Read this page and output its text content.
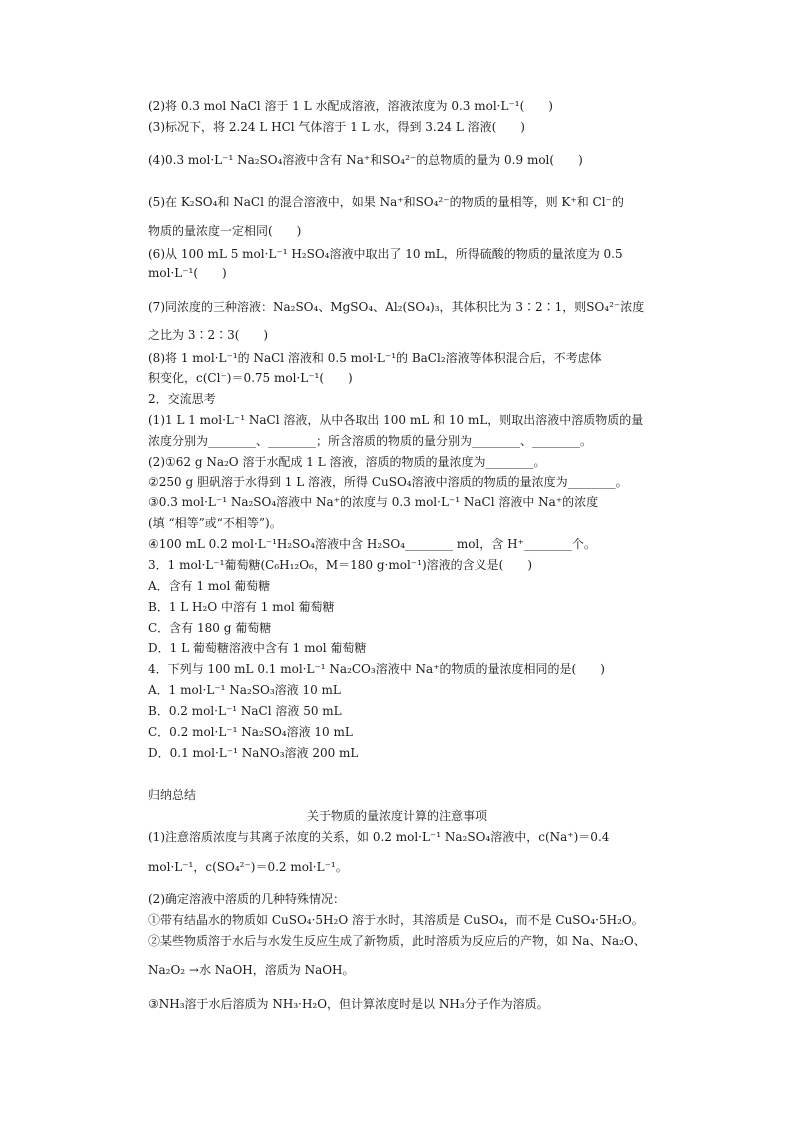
(2)将 0.3 mol NaCl 溶于 1 L 水配成溶液，溶液浓度为 0.3 mol·L⁻¹(　　)
(3)标况下，将 2.24 L HCl 气体溶于 1 L 水，得到 3.24 L 溶液(　　)
(4)0.3 mol·L⁻¹ Na₂SO₄溶液中含有 Na⁺和SO₄²⁻的总物质的量为 0.9 mol(　　)
(5)在 K₂SO₄和 NaCl 的混合溶液中，如果 Na⁺和SO₄²⁻的物质的量相等，则 K⁺和 Cl⁻的
物质的量浓度一定相同(　　)
(6)从 100 mL 5 mol·L⁻¹ H₂SO₄溶液中取出了 10 mL，所得硫酸的物质的量浓度为 0.5
mol·L⁻¹(　　)
(7)同浓度的三种溶液：Na₂SO₄、MgSO₄、Al₂(SO₄)₃，其体积比为 3∶2∶1，则SO₄²⁻浓度
之比为 3∶2∶3(　　)
(8)将 1 mol·L⁻¹的 NaCl 溶液和 0.5 mol·L⁻¹的 BaCl₂溶液等体积混合后，不考虑体
积变化，c(Cl⁻)＝0.75 mol·L⁻¹(　　)
2．交流思考
(1)1 L 1 mol·L⁻¹ NaCl 溶液，从中各取出 100 mL 和 10 mL，则取出溶液中溶质物质的量
浓度分别为________、________；所含溶质的物质的量分别为________、________。
(2)①62 g Na₂O 溶于水配成 1 L 溶液，溶质的物质的量浓度为________。
②250 g 胆矾溶于水得到 1 L 溶液，所得 CuSO₄溶液中溶质的物质的量浓度为________。
③0.3 mol·L⁻¹ Na₂SO₄溶液中 Na⁺的浓度与 0.3 mol·L⁻¹ NaCl 溶液中 Na⁺的浓度
(填 “相等”或“不相等”)。
④100 mL 0.2 mol·L⁻¹H₂SO₄溶液中含 H₂SO₄________ mol，含 H⁺________个。
3．1 mol·L⁻¹葡萄糖(C₆H₁₂O₆，M＝180 g·mol⁻¹)溶液的含义是(　　)
A．含有 1 mol 葡萄糖
B．1 L H₂O 中溶有 1 mol 葡萄糖
C．含有 180 g 葡萄糖
D．1 L 葡萄糖溶液中含有 1 mol 葡萄糖
4．下列与 100 mL 0.1 mol·L⁻¹ Na₂CO₃溶液中 Na⁺的物质的量浓度相同的是(　　)
A．1 mol·L⁻¹ Na₂SO₃溶液 10 mL
B．0.2 mol·L⁻¹ NaCl 溶液 50 mL
C．0.2 mol·L⁻¹ Na₂SO₄溶液 10 mL
D．0.1 mol·L⁻¹ NaNO₃溶液 200 mL
归纳总结
关于物质的量浓度计算的注意事项
(1)注意溶质浓度与其离子浓度的关系，如 0.2 mol·L⁻¹ Na₂SO₄溶液中，c(Na⁺)＝0.4
mol·L⁻¹，c(SO₄²⁻)＝0.2 mol·L⁻¹。
(2)确定溶液中溶质的几种特殊情况：
①带有结晶水的物质如 CuSO₄·5H₂O 溶于水时，其溶质是 CuSO₄，而不是 CuSO₄·5H₂O。
②某些物质溶于水后与水发生反应生成了新物质，此时溶质为反应后的产物，如 Na、Na₂O、
Na₂O₂ →水 NaOH，溶质为 NaOH。
③NH₃溶于水后溶质为 NH₃·H₂O，但计算浓度时是以 NH₃分子作为溶质。
